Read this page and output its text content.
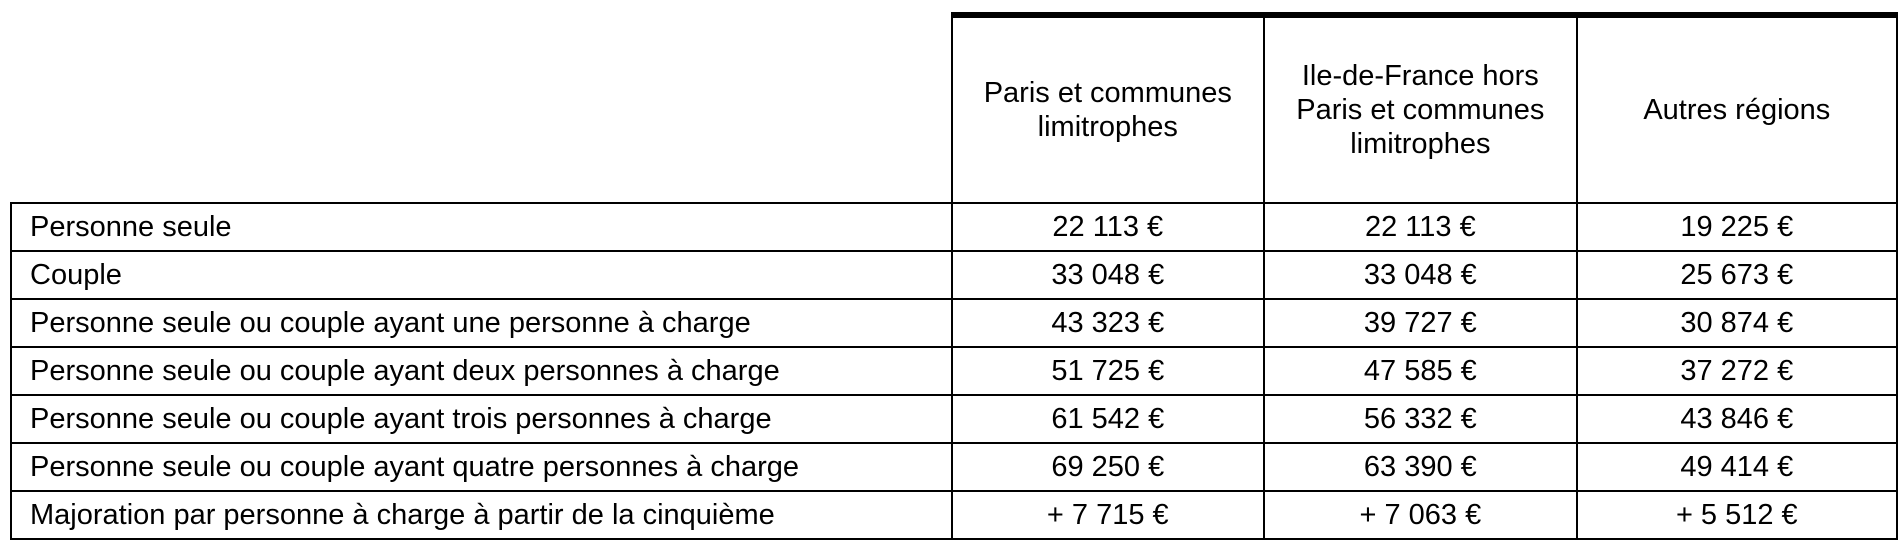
	Paris et communes limitrophes	Ile-de-France hors Paris et communes limitrophes	Autres régions
Personne seule	22 113 €	22 113 €	19 225 €
Couple	33 048 €	33 048 €	25 673 €
Personne seule ou couple ayant une personne à charge	43 323 €	39 727 €	30 874 €
Personne seule ou couple ayant deux personnes à charge	51 725 €	47 585 €	37 272 €
Personne seule ou couple ayant trois personnes à charge	61 542 €	56 332 €	43 846 €
Personne seule ou couple ayant quatre personnes à charge	69 250 €	63 390 €	49 414 €
Majoration par personne à charge à partir de la cinquième	+ 7 715 €	+ 7 063 €	+ 5 512 €
